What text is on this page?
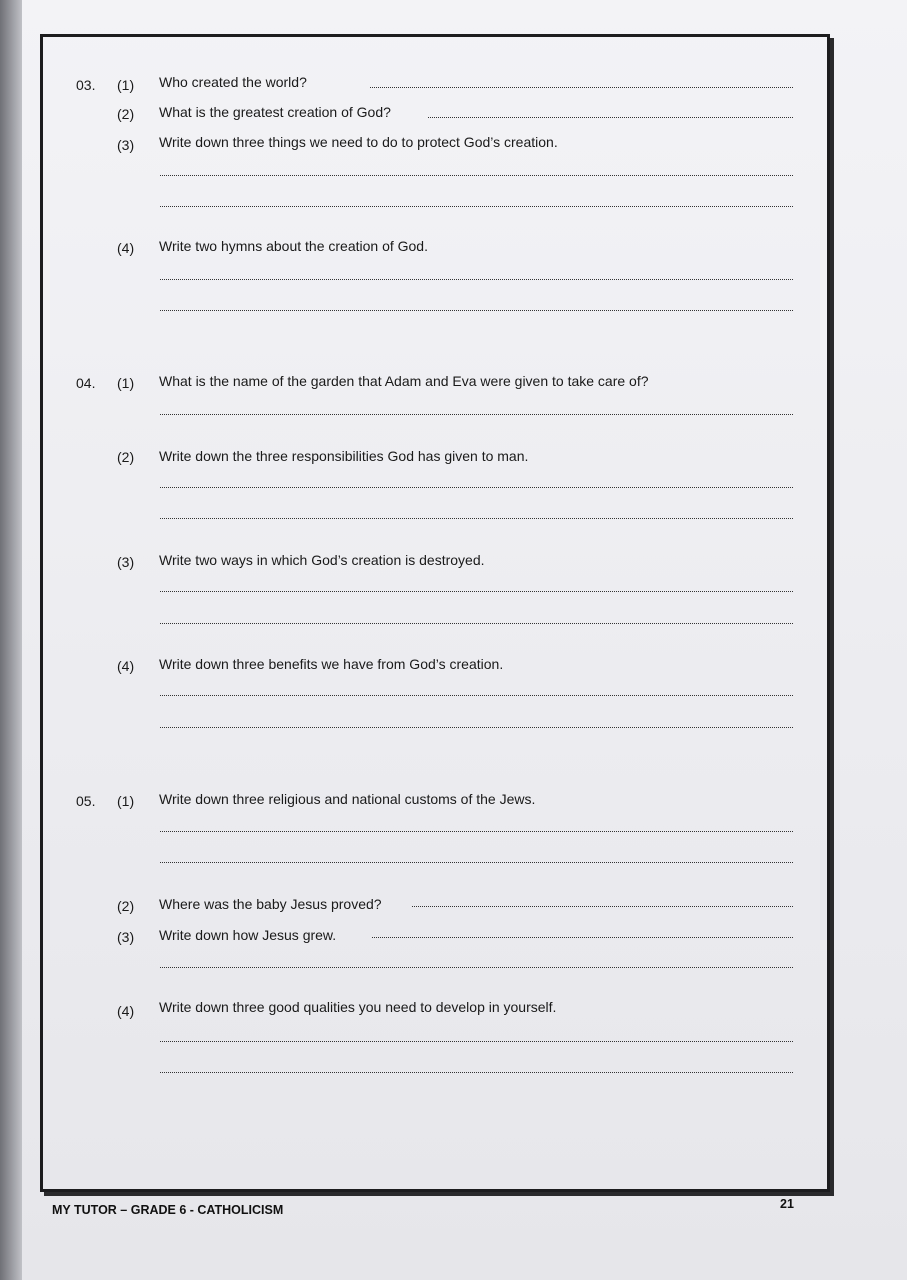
03. (1) Who created the world?
(2) What is the greatest creation of God?
(3) Write down three things we need to do to protect God’s creation.
(4) Write two hymns about the creation of God.
04. (1) What is the name of the garden that Adam and Eva were given to take care of?
(2) Write down the three responsibilities God has given to man.
(3) Write two ways in which God’s creation is destroyed.
(4) Write down three benefits we have from God’s creation.
05. (1) Write down three religious and national customs of the Jews.
(2) Where was the baby Jesus proved?
(3) Write down how Jesus grew.
(4) Write down three good qualities you need to develop in yourself.
MY TUTOR – GRADE 6 - CATHOLICISM	21
